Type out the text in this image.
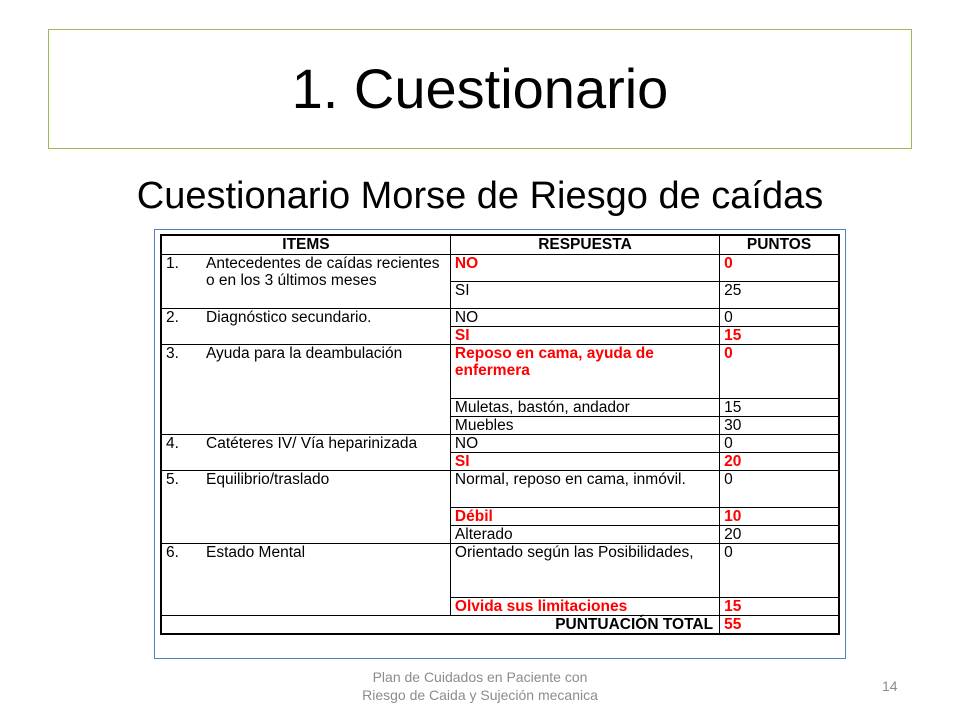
1. Cuestionario
Cuestionario Morse de Riesgo de caídas
ITEMS	RESPUESTA	PUNTOS

1. Antecedentes de caídas recientes o en los 3 últimos meses	NO	0
	SI	25

2. Diagnóstico secundario.	NO	0
	SI	15

3. Ayuda para la deambulación	Reposo en cama, ayuda de enfermera	0
	Muletas, bastón, andador	15
	Muebles	30

4. Catéteres IV/ Vía heparinizada	NO	0
	SI	20

5. Equilibrio/traslado	Normal, reposo en cama, inmóvil.	0
	Débil	10
	Alterado	20

6. Estado Mental	Orientado según las Posibilidades,	0
	Olvida sus limitaciones	15
PUNTUACIÓN TOTAL		55
Plan de Cuidados en Paciente con
Riesgo de Caida y Sujeción mecanica
14
